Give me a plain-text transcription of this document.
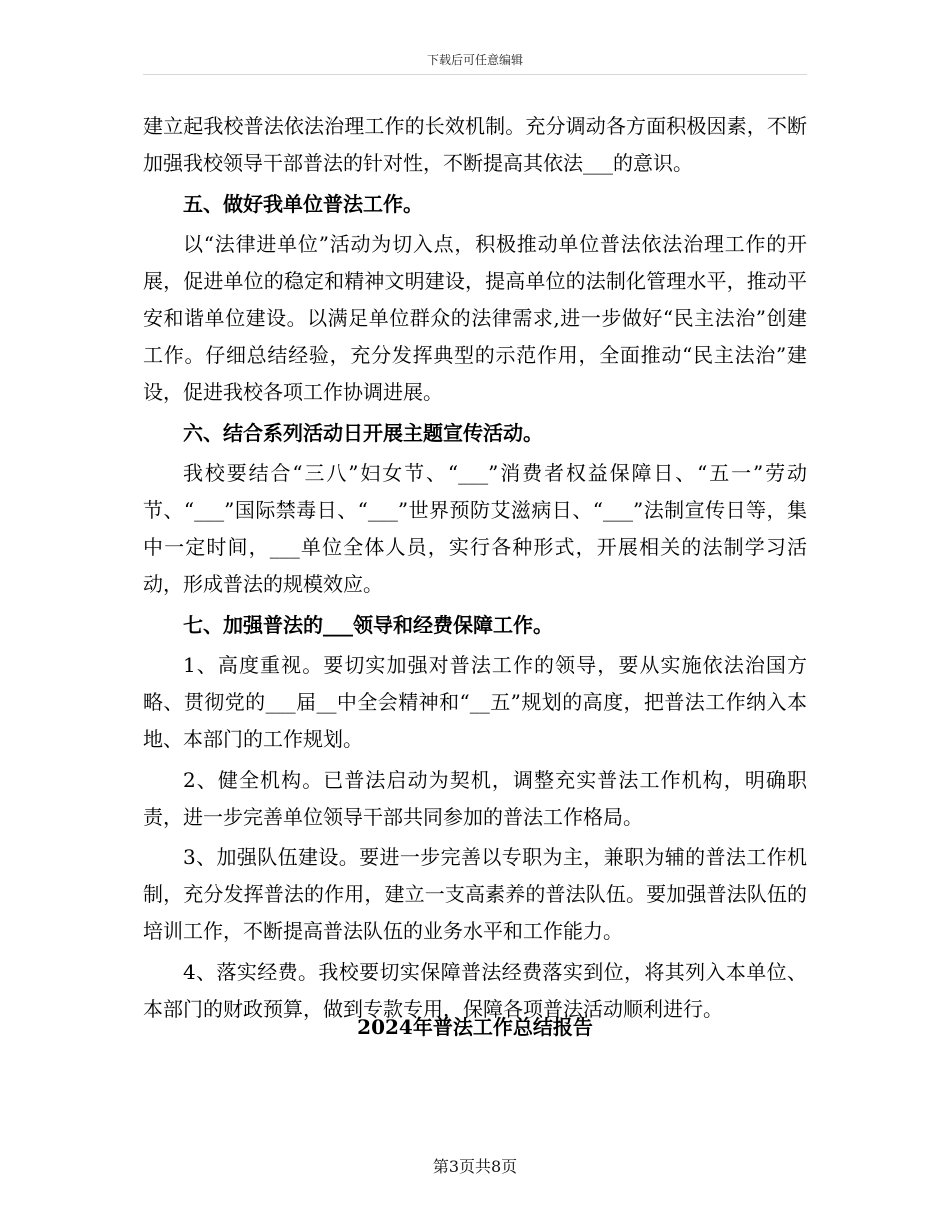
下载后可任意编辑

建立起我校普法依法治理工作的长效机制。充分调动各方面积极因素，不断加强我校领导干部普法的针对性，不断提高其依法___的意识。

五、做好我单位普法工作。

以“法律进单位”活动为切入点，积极推动单位普法依法治理工作的开展，促进单位的稳定和精神文明建设，提高单位的法制化管理水平，推动平安和谐单位建设。以满足单位群众的法律需求,进一步做好“民主法治”创建工作。仔细总结经验，充分发挥典型的示范作用，全面推动“民主法治”建设，促进我校各项工作协调进展。

六、结合系列活动日开展主题宣传活动。

我校要结合“三八”妇女节、“___”消费者权益保障日、“五一”劳动节、“___”国际禁毒日、“___”世界预防艾滋病日、“___”法制宣传日等，集中一定时间，___单位全体人员，实行各种形式，开展相关的法制学习活动，形成普法的规模效应。

七、加强普法的___领导和经费保障工作。

1、高度重视。要切实加强对普法工作的领导，要从实施依法治国方略、贯彻党的___届__中全会精神和“__五”规划的高度，把普法工作纳入本地、本部门的工作规划。

2、健全机构。已普法启动为契机，调整充实普法工作机构，明确职责，进一步完善单位领导干部共同参加的普法工作格局。

3、加强队伍建设。要进一步完善以专职为主，兼职为辅的普法工作机制，充分发挥普法的作用，建立一支高素养的普法队伍。要加强普法队伍的培训工作，不断提高普法队伍的业务水平和工作能力。

4、落实经费。我校要切实保障普法经费落实到位，将其列入本单位、本部门的财政预算，做到专款专用，保障各项普法活动顺利进行。

2024年普法工作总结报告
第3页共8页
